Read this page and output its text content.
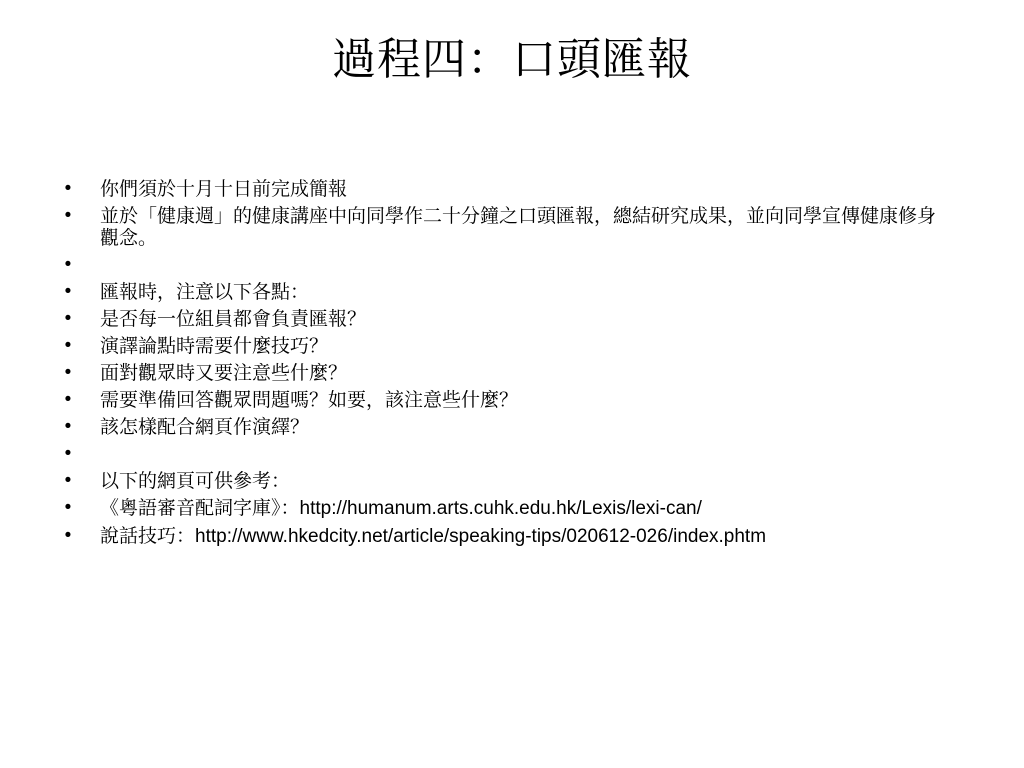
過程四：口頭匯報
•	你們須於十月十日前完成簡報
•	並於「健康週」的健康講座中向同學作二十分鐘之口頭匯報，總結研究成果，並向同學宣傳健康修身觀念。
•
•	匯報時，注意以下各點：
•	是否每一位組員都會負責匯報？
•	演譯論點時需要什麼技巧？
•	面對觀眾時又要注意些什麼？
•	需要準備回答觀眾問題嗎？如要，該注意些什麼？
•	該怎樣配合網頁作演繹？
•
•	以下的網頁可供參考：
•	《粵語審音配詞字庫》：http://humanum.arts.cuhk.edu.hk/Lexis/lexi-can/
•	說話技巧：http://www.hkedcity.net/article/speaking-tips/020612-026/index.phtm
